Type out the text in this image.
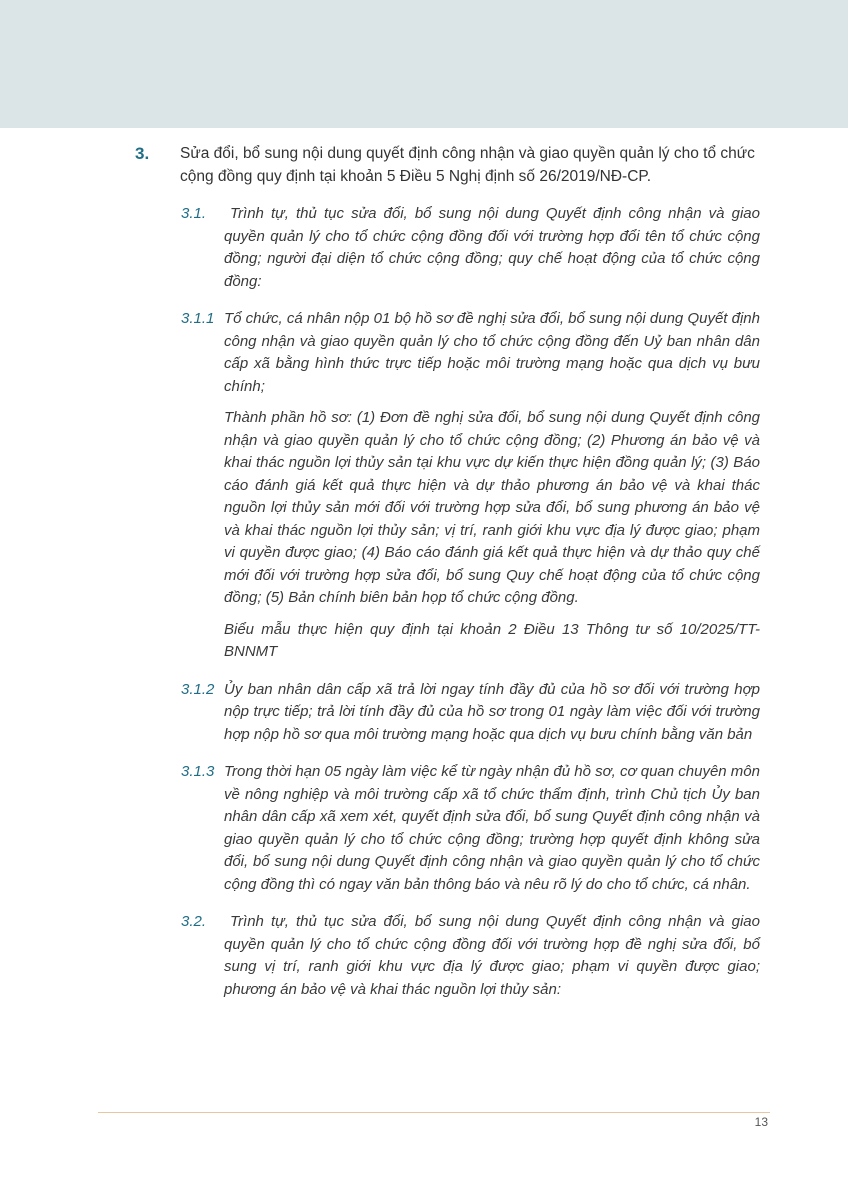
3.	Sửa đổi, bổ sung nội dung quyết định công nhận và giao quyền quản lý cho tổ chức cộng đồng quy định tại khoản 5 Điều 5 Nghị định số 26/2019/NĐ-CP.
3.1.	Trình tự, thủ tục sửa đổi, bổ sung nội dung Quyết định công nhận và giao quyền quản lý cho tổ chức cộng đồng đối với trường hợp đổi tên tổ chức cộng đồng; người đại diện tổ chức cộng đồng; quy chế hoạt động của tổ chức cộng đồng:

3.1.1 Tổ chức, cá nhân nộp 01 bộ hồ sơ đề nghị sửa đổi, bổ sung nội dung Quyết định công nhận và giao quyền quản lý cho tổ chức cộng đồng đến Uỷ ban nhân dân cấp xã bằng hình thức trực tiếp hoặc môi trường mạng hoặc qua dịch vụ bưu chính;

Thành phần hồ sơ: (1) Đơn đề nghị sửa đổi, bổ sung nội dung Quyết định công nhận và giao quyền quản lý cho tổ chức cộng đồng; (2) Phương án bảo vệ và khai thác nguồn lợi thủy sản tại khu vực dự kiến thực hiện đồng quản lý; (3) Báo cáo đánh giá kết quả thực hiện và dự thảo phương án bảo vệ và khai thác nguồn lợi thủy sản mới đối với trường hợp sửa đổi, bổ sung phương án bảo vệ và khai thác nguồn lợi thủy sản; vị trí, ranh giới khu vực địa lý được giao; phạm vi quyền được giao; (4) Báo cáo đánh giá kết quả thực hiện và dự thảo quy chế mới đối với trường hợp sửa đổi, bổ sung Quy chế hoạt động của tổ chức cộng đồng; (5) Bản chính biên bản họp tổ chức cộng đồng.

Biểu mẫu thực hiện quy định tại khoản 2 Điều 13 Thông tư số 10/2025/TT-BNNMT

3.1.2 Ủy ban nhân dân cấp xã trả lời ngay tính đầy đủ của hồ sơ đối với trường hợp nộp trực tiếp; trả lời tính đầy đủ của hồ sơ trong 01 ngày làm việc đối với trường hợp nộp hồ sơ qua môi trường mạng hoặc qua dịch vụ bưu chính bằng văn bản

3.1.3 Trong thời hạn 05 ngày làm việc kể từ ngày nhận đủ hồ sơ, cơ quan chuyên môn về nông nghiệp và môi trường cấp xã tổ chức thẩm định, trình Chủ tịch Ủy ban nhân dân cấp xã xem xét, quyết định sửa đổi, bổ sung Quyết định công nhận và giao quyền quản lý cho tổ chức cộng đồng; trường hợp quyết định không sửa đổi, bổ sung nội dung Quyết định công nhận và giao quyền quản lý cho tổ chức cộng đồng thì có ngay văn bản thông báo và nêu rõ lý do cho tổ chức, cá nhân.

3.2.	Trình tự, thủ tục sửa đổi, bổ sung nội dung Quyết định công nhận và giao quyền quản lý cho tổ chức cộng đồng đối với trường hợp đề nghị sửa đổi, bổ sung vị trí, ranh giới khu vực địa lý được giao; phạm vi quyền được giao; phương án bảo vệ và khai thác nguồn lợi thủy sản:

13
